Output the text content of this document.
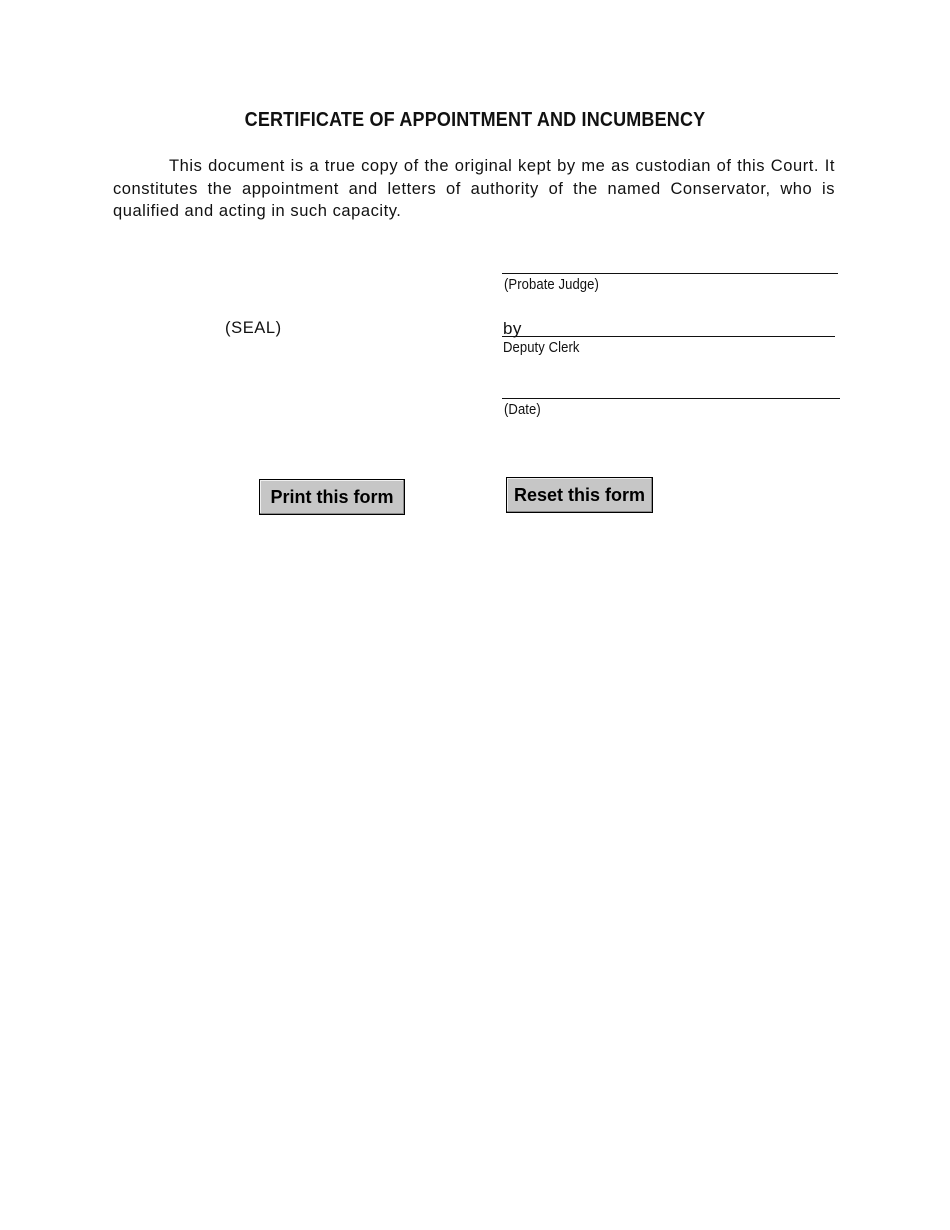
CERTIFICATE OF APPOINTMENT AND INCUMBENCY
This document is a true copy of the original kept by me as custodian of this Court. It constitutes the appointment and letters of authority of the named Conservator, who is qualified and acting in such capacity.
(Probate Judge)
(SEAL)	by
Deputy Clerk
(Date)
Print this form	Reset this form
